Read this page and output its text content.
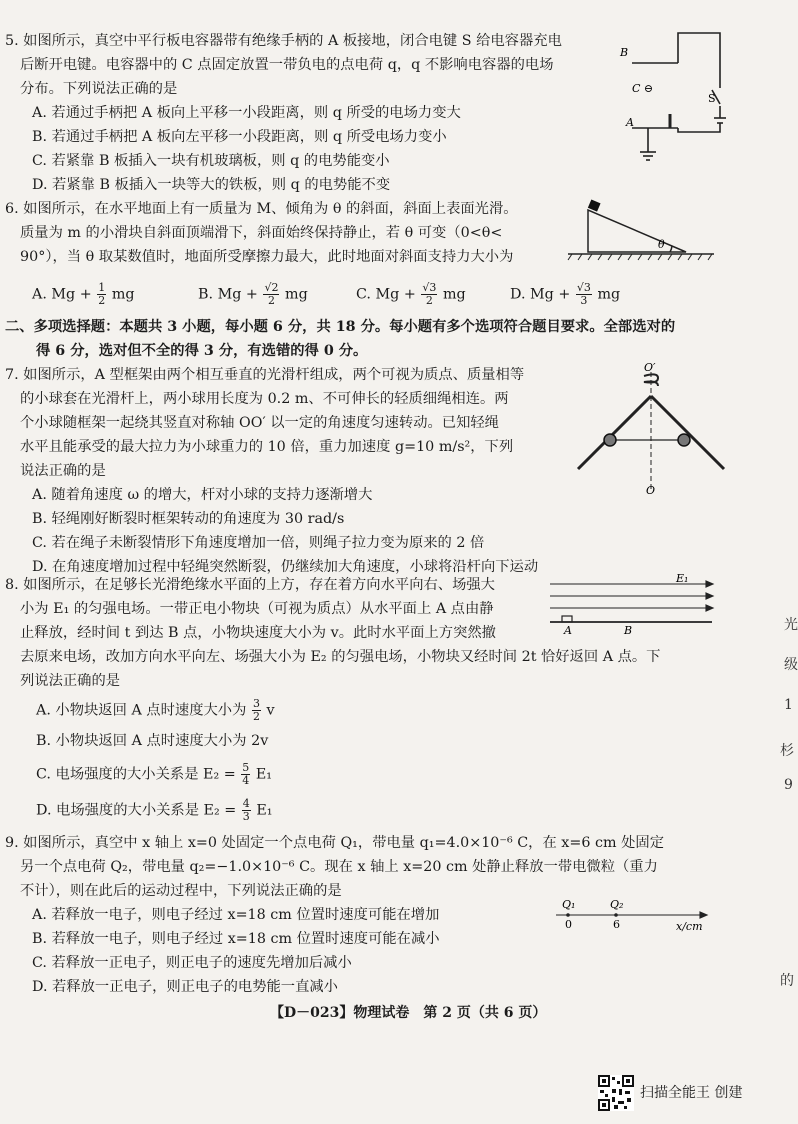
5. 如图所示，真空中平行板电容器带有绝缘手柄的 A 板接地，闭合电键 S 给电容器充电
后断开电键。电容器中的 C 点固定放置一带负电的点电荷 q，q 不影响电容器的电场
分布。下列说法正确的是
A. 若通过手柄把 A 板向上平移一小段距离，则 q 所受的电场力变大
B. 若通过手柄把 A 板向左平移一小段距离，则 q 所受电场力变小
C. 若紧靠 B 板插入一块有机玻璃板，则 q 的电势能变小
D. 若紧靠 B 板插入一块等大的铁板，则 q 的电势能不变
B
C ⊖
A
S
6. 如图所示，在水平地面上有一质量为 M、倾角为 θ 的斜面，斜面上表面光滑。
质量为 m 的小滑块自斜面顶端滑下，斜面始终保持静止，若 θ 可变（0<θ<
90°），当 θ 取某数值时，地面所受摩擦力最大，此时地面对斜面支持力大小为
A. $Mg + \frac{1}{2}$ mg	B. $Mg + \frac{√2}{2}$ mg	C. $Mg + \frac{√3}{2}$ mg	D. $Mg + \frac{√3}{3}$ mg
θ
二、多项选择题：本题共 3 小题，每小题 6 分，共 18 分。每小题有多个选项符合题目要求。全部选对的
得 6 分，选对但不全的得 3 分，有选错的得 0 分。
7. 如图所示，A 型框架由两个相互垂直的光滑杆组成，两个可视为质点、质量相等
的小球套在光滑杆上，两小球用长度为 0.2 m、不可伸长的轻质细绳相连。两
个小球随框架一起绕其竖直对称轴 OO′ 以一定的角速度匀速转动。已知轻绳
水平且能承受的最大拉力为小球重力的 10 倍，重力加速度 g=10 m/s²，下列
说法正确的是
A. 随着角速度 ω 的增大，杆对小球的支持力逐渐增大
B. 轻绳刚好断裂时框架转动的角速度为 30 rad/s
C. 若在绳子未断裂情形下角速度增加一倍，则绳子拉力变为原来的 2 倍
D. 在角速度增加过程中轻绳突然断裂，仍继续加大角速度，小球将沿杆向下运动
O′
O
8. 如图所示，在足够长光滑绝缘水平面的上方，存在着方向水平向右、场强大
小为 E₁ 的匀强电场。一带正电小物块（可视为质点）从水平面上 A 点由静
止释放，经时间 t 到达 B 点，小物块速度大小为 v。此时水平面上方突然撤
去原来电场，改加方向水平向左、场强大小为 E₂ 的匀强电场，小物块又经时间 2t 恰好返回 A 点。下
列说法正确的是
A. 小物块返回 A 点时速度大小为 $\frac{3}{2}$ v
B. 小物块返回 A 点时速度大小为 2v
C. 电场强度的大小关系是 $E_2 = \frac{5}{4} E_1$
D. 电场强度的大小关系是 $E_2 = \frac{4}{3} E_1$
E₁
A	B
9. 如图所示，真空中 x 轴上 x=0 处固定一个点电荷 Q₁，带电量 q₁=4.0×10⁻⁶ C，在 x=6 cm 处固定
另一个点电荷 Q₂，带电量 q₂=−1.0×10⁻⁶ C。现在 x 轴上 x=20 cm 处静止释放一带电微粒（重力
不计），则在此后的运动过程中，下列说法正确的是
A. 若释放一电子，则电子经过 x=18 cm 位置时速度可能在增加
B. 若释放一电子，则电子经过 x=18 cm 位置时速度可能在减小
C. 若释放一正电子，则正电子的速度先增加后减小
D. 若释放一正电子，则正电子的电势能一直减小
Q₁	Q₂
0	6	x/cm
【D－023】物理试卷　第 2 页（共 6 页）
扫描全能王 创建
光
级
1
杉
9
的
